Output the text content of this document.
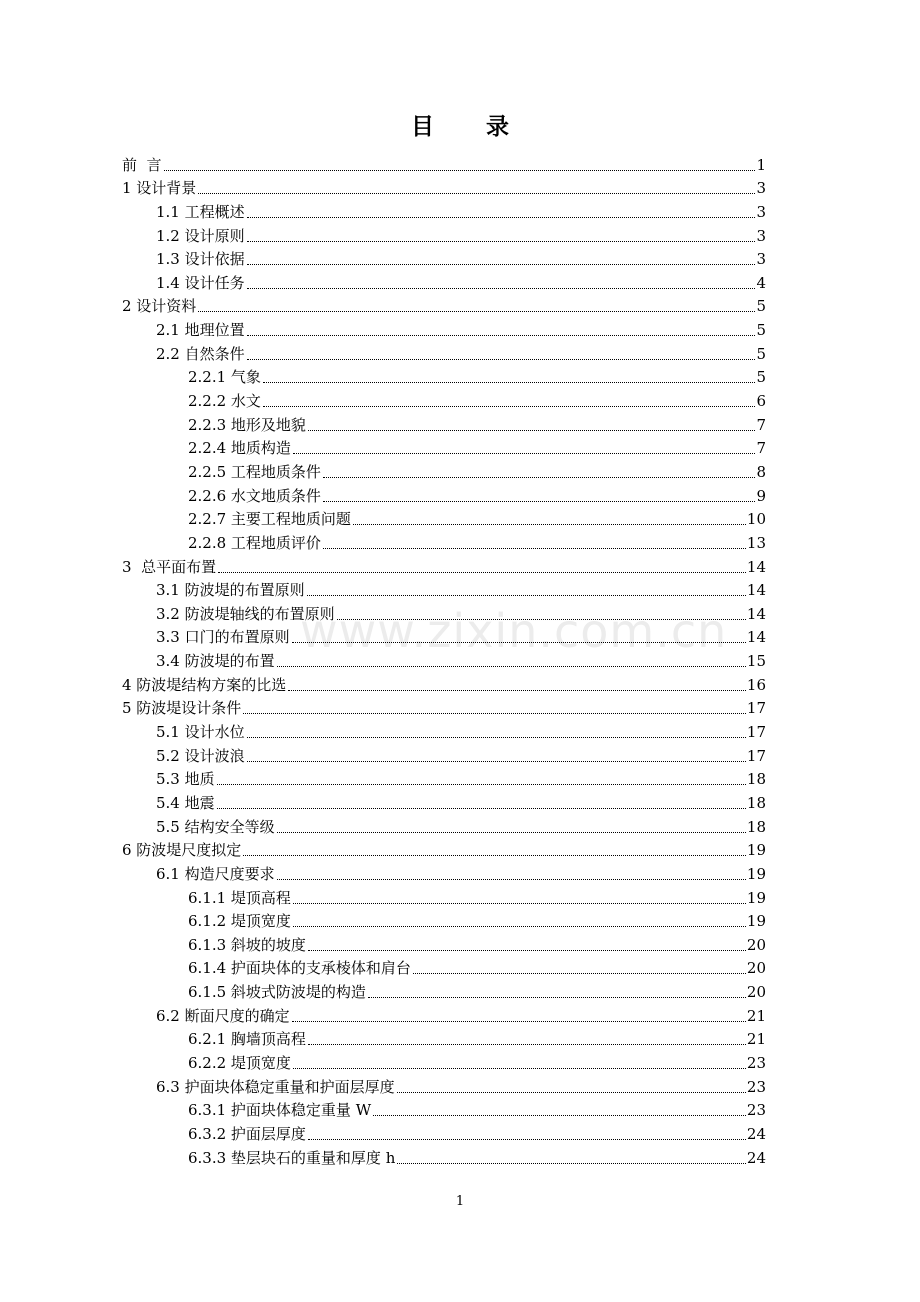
目 录
www.zixin.com.cn
前  言	1
1 设计背景	3
1.1 工程概述	3
1.2 设计原则	3
1.3 设计依据	3
1.4 设计任务	4
2 设计资料	5
2.1 地理位置	5
2.2 自然条件	5
2.2.1 气象	5
2.2.2 水文	6
2.2.3 地形及地貌	7
2.2.4 地质构造	7
2.2.5 工程地质条件	8
2.2.6 水文地质条件	9
2.2.7 主要工程地质问题	10
2.2.8 工程地质评价	13
3  总平面布置	14
3.1 防波堤的布置原则	14
3.2 防波堤轴线的布置原则	14
3.3 口门的布置原则	14
3.4 防波堤的布置	15
4 防波堤结构方案的比选	16
5 防波堤设计条件	17
5.1 设计水位	17
5.2 设计波浪	17
5.3 地质	18
5.4 地震	18
5.5 结构安全等级	18
6 防波堤尺度拟定	19
6.1 构造尺度要求	19
6.1.1 堤顶高程	19
6.1.2 堤顶宽度	19
6.1.3 斜坡的坡度	20
6.1.4 护面块体的支承棱体和肩台	20
6.1.5 斜坡式防波堤的构造	20
6.2 断面尺度的确定	21
6.2.1 胸墙顶高程	21
6.2.2 堤顶宽度	23
6.3 护面块体稳定重量和护面层厚度	23
6.3.1 护面块体稳定重量 W	23
6.3.2 护面层厚度	24
6.3.3 垫层块石的重量和厚度 h	24
1
